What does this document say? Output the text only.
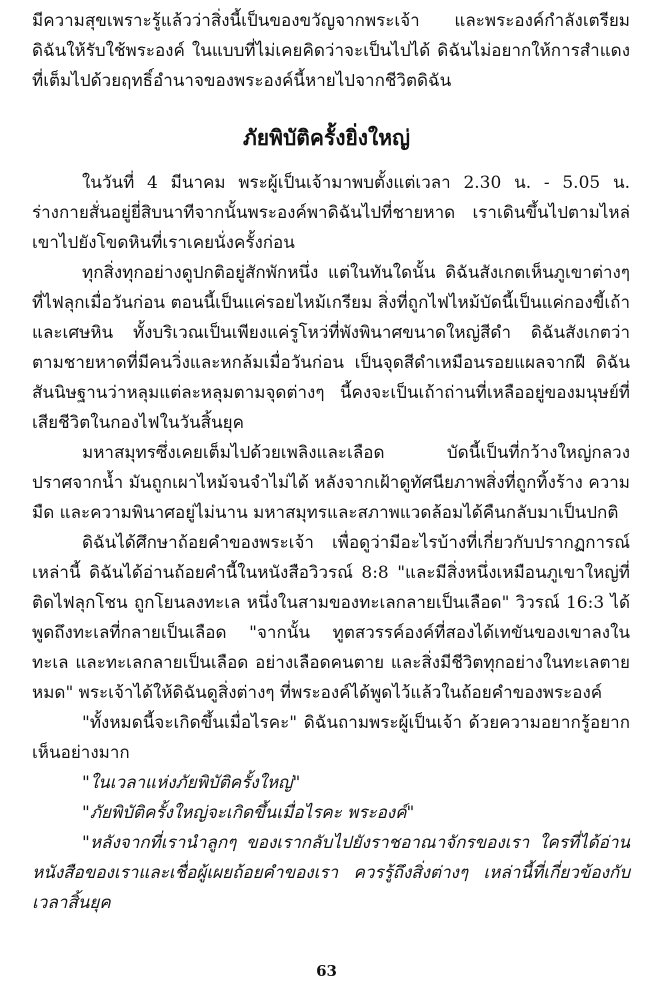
มีความสุขเพราะรู้แล้วว่าสิ่งนี้เป็นของขวัญจากพระเจ้า และพระองค์กำลังเตรียมดิฉันให้รับใช้พระองค์ ในแบบที่ไม่เคยคิดว่าจะเป็นไปได้ ดิฉันไม่อยากให้การสำแดงที่เต็มไปด้วยฤทธิ์อำนาจของพระองค์นี้หายไปจากชีวิตดิฉัน

ภัยพิบัติครั้งยิ่งใหญ่

ในวันที่ 4 มีนาคม พระผู้เป็นเจ้ามาพบตั้งแต่เวลา 2.30 น. - 5.05 น. ร่างกายสั่นอยู่ยี่สิบนาทีจากนั้นพระองค์พาดิฉันไปที่ชายหาด เราเดินขึ้นไปตามไหล่เขาไปยังโขดหินที่เราเคยนั่งครั้งก่อน

ทุกสิ่งทุกอย่างดูปกติอยู่สักพักหนึ่ง แต่ในทันใดนั้น ดิฉันสังเกตเห็นภูเขาต่างๆ ที่ไฟลุกเมื่อวันก่อน ตอนนี้เป็นแค่รอยไหม้เกรียม สิ่งที่ถูกไฟไหม้บัดนี้เป็นแค่กองขี้เถ้าและเศษหิน ทั้งบริเวณเป็นเพียงแค่รูโหว่ที่พังพินาศขนาดใหญ่สีดำ ดิฉันสังเกตว่าตามชายหาดที่มีคนวิ่งและหกล้มเมื่อวันก่อน เป็นจุดสีดำเหมือนรอยแผลจากฝี ดิฉันสันนิษฐานว่าหลุมแต่ละหลุมตามจุดต่างๆ นี้คงจะเป็นเถ้าถ่านที่เหลืออยู่ของมนุษย์ที่เสียชีวิตในกองไฟในวันสิ้นยุค

มหาสมุทรซึ่งเคยเต็มไปด้วยเพลิงและเลือด บัดนี้เป็นที่กว้างใหญ่กลวงปราศจากน้ำ มันถูกเผาไหม้จนจำไม่ได้ หลังจากเฝ้าดูทัศนียภาพสิ่งที่ถูกทิ้งร้าง ความมืด และความพินาศอยู่ไม่นาน มหาสมุทรและสภาพแวดล้อมได้คืนกลับมาเป็นปกติ

ดิฉันได้ศึกษาถ้อยคำของพระเจ้า เพื่อดูว่ามีอะไรบ้างที่เกี่ยวกับปรากฏการณ์เหล่านี้ ดิฉันได้อ่านถ้อยคำนี้ในหนังสือวิวรณ์ 8:8 "และมีสิ่งหนึ่งเหมือนภูเขาใหญ่ที่ติดไฟลุกโชน ถูกโยนลงทะเล หนึ่งในสามของทะเลกลายเป็นเลือด" วิวรณ์ 16:3 ได้พูดถึงทะเลที่กลายเป็นเลือด "จากนั้น ทูตสวรรค์องค์ที่สองได้เทขันของเขาลงในทะเล และทะเลกลายเป็นเลือด อย่างเลือดคนตาย และสิ่งมีชีวิตทุกอย่างในทะเลตายหมด" พระเจ้าได้ให้ดิฉันดูสิ่งต่างๆ ที่พระองค์ได้พูดไว้แล้วในถ้อยคำของพระองค์

"ทั้งหมดนี้จะเกิดขึ้นเมื่อไรคะ" ดิฉันถามพระผู้เป็นเจ้า ด้วยความอยากรู้อยากเห็นอย่างมาก

"ในเวลาแห่งภัยพิบัติครั้งใหญ่"

"ภัยพิบัติครั้งใหญ่จะเกิดขึ้นเมื่อไรคะ พระองค์"

"หลังจากที่เรานำลูกๆ ของเรากลับไปยังราชอาณาจักรของเรา ใครที่ได้อ่านหนังสือของเราและเชื่อผู้เผยถ้อยคำของเรา ควรรู้ถึงสิ่งต่างๆ เหล่านี้ที่เกี่ยวข้องกับเวลาสิ้นยุค

63
